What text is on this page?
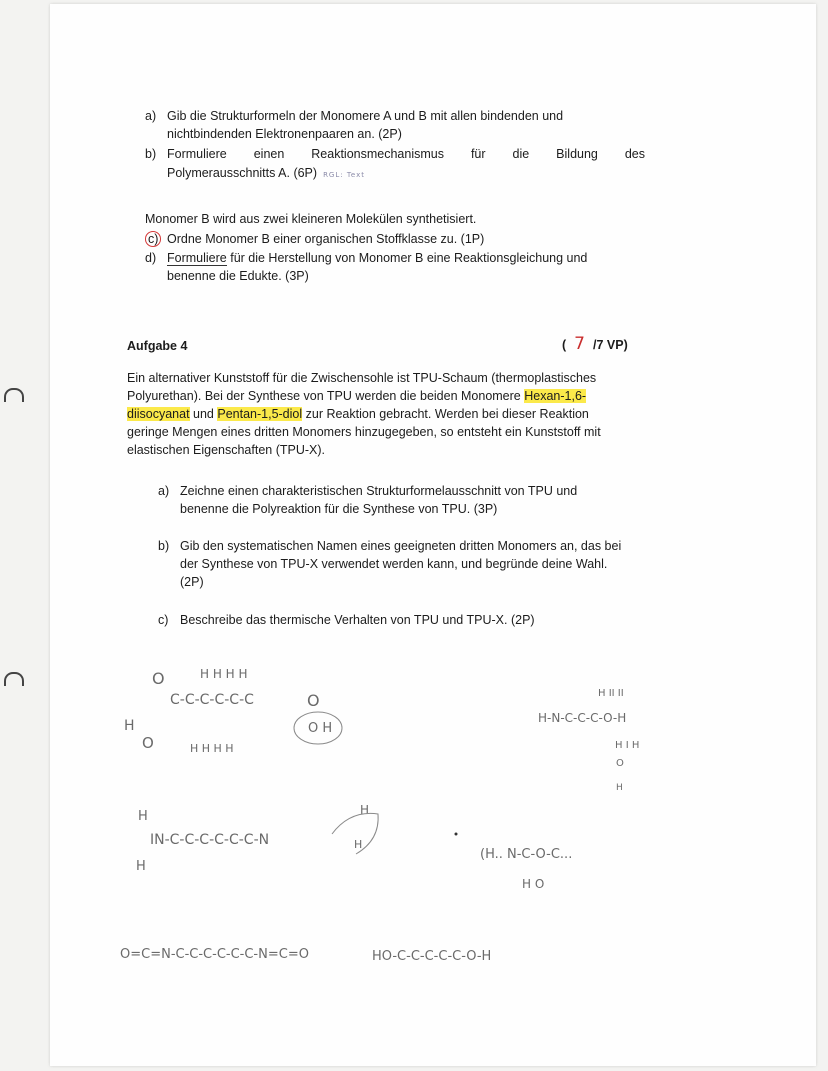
a) Gib die Strukturformeln der Monomere A und B mit allen bindenden und
nichtbindenden Elektronenpaaren an. (2P)
b) Formuliere einen Reaktionsmechanismus für die Bildung des
Polymerausschnitts A. (6P) RGL: Text
Monomer B wird aus zwei kleineren Molekülen synthetisiert.
c) Ordne Monomer B einer organischen Stoffklasse zu. (1P)
d) Formuliere für die Herstellung von Monomer B eine Reaktionsgleichung und
benenne die Edukte. (3P)
Aufgabe 4	( 7 /7 VP)
Ein alternativer Kunststoff für die Zwischensohle ist TPU-Schaum (thermoplastisches
Polyurethan). Bei der Synthese von TPU werden die beiden Monomere Hexan-1,6-
diisocyanat und Pentan-1,5-diol zur Reaktion gebracht. Werden bei dieser Reaktion
geringe Mengen eines dritten Monomers hinzugegeben, so entsteht ein Kunststoff mit
elastischen Eigenschaften (TPU-X).
a) Zeichne einen charakteristischen Strukturformelausschnitt von TPU und
benenne die Polyreaktion für die Synthese von TPU. (3P)
b) Gib den systematischen Namen eines geeigneten dritten Monomers an, das bei
der Synthese von TPU-X verwendet werden kann, und begründe deine Wahl.
(2P)
c) Beschreibe das thermische Verhalten von TPU und TPU-X. (2P)
H H H H
C-C-C-C-C-C
H H H H
H
O
O
O
O H
H II II
H-N-C-C-C-O-H
H I H
O
H
H
IN-C-C-C-C-C-C-N
H
H
H
(H.. N-C-O-C...
H O
O=C=N-C-C-C-C-C-C-N=C=O	HO-C-C-C-C-C-O-H
